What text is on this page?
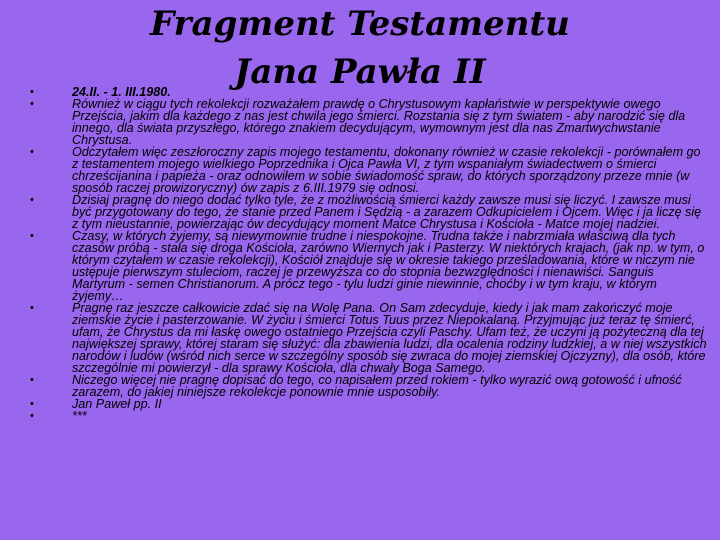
Fragment Testamentu
Jana Pawła II
•	24.II. - 1. III.1980.
•	Również w ciągu tych rekolekcji rozważałem prawdę o Chrystusowym kapłaństwie w perspektywie owego Przejścia, jakim dla każdego z nas jest chwila jego śmierci. Rozstania się z tym światem - aby narodzić się dla innego, dla świata przyszłego, którego znakiem decydującym, wymownym jest dla nas Zmartwychwstanie Chrystusa.
•	Odczytałem więc zeszłoroczny zapis mojego testamentu, dokonany również w czasie rekolekcji - porównałem go z testamentem mojego wielkiego Poprzednika i Ojca Pawła VI, z tym wspaniałym świadectwem o śmierci chrześcijanina i papieża - oraz odnowiłem w sobie świadomość spraw, do których sporządzony przeze mnie (w sposób raczej prowizoryczny) ów zapis z 6.III.1979 się odnosi.
•	Dzisiaj pragnę do niego dodać tylko tyle, że z możliwością śmierci każdy zawsze musi się liczyć. I zawsze musi być przygotowany do tego, że stanie przed Panem i Sędzią - a zarazem Odkupicielem i Ojcem. Więc i ja liczę się z tym nieustannie, powierzając ów decydujący moment Matce Chrystusa i Kościoła - Matce mojej nadziei.
•	Czasy, w których żyjemy, są niewymownie trudne i niespokojne. Trudna także i nabrzmiała właściwą dla tych czasów próbą - stała się droga Kościoła, zarówno Wiernych jak i Pasterzy. W niektórych krajach, (jak np. w tym, o którym czytałem w czasie rekolekcji), Kościół znajduje się w okresie takiego prześladowania, które w niczym nie ustępuje pierwszym stuleciom, raczej je przewyższa co do stopnia bezwzględności i nienawiści. Sanguis Martyrum - semen Christianorum. A prócz tego - tylu ludzi ginie niewinnie, choćby i w tym kraju, w którym żyjemy…
•	Pragnę raz jeszcze całkowicie zdać się na Wolę Pana. On Sam zdecyduje, kiedy i jak mam zakończyć moje ziemskie życie i pasterzowanie. W życiu i śmierci Totus Tuus przez Niepokalaną. Przyjmując już teraz tę śmierć, ufam, że Chrystus da mi łaskę owego ostatniego Przejścia czyli Paschy. Ufam też, że uczyni ją pożyteczną dla tej największej sprawy, której staram się służyć: dla zbawienia ludzi, dla ocalenia rodziny ludzkiej, a w niej wszystkich narodów i ludów (wśród nich serce w szczególny sposób się zwraca do mojej ziemskiej Ojczyzny), dla osób, które szczególnie mi powierzył - dla sprawy Kościoła, dla chwały Boga Samego.
•	Niczego więcej nie pragnę dopisać do tego, co napisałem przed rokiem - tylko wyrazić ową gotowość i ufność zarazem, do jakiej niniejsze rekolekcje ponownie mnie usposobiły.
•	Jan Paweł pp. II
•	***
